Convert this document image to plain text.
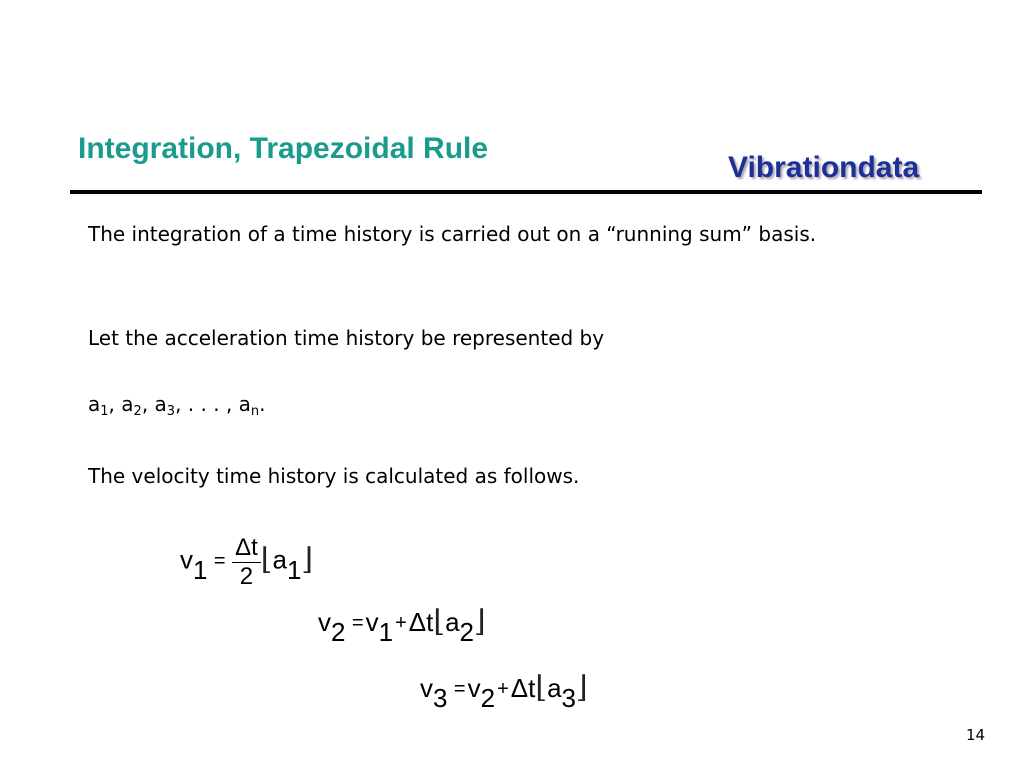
Integration, Trapezoidal Rule
Vibrationdata
The integration of a time history is carried out on a “running sum” basis.
Let the acceleration time history be represented by
$a_1$, $a_2$, $a_3$, . . . , $a_n$.
The velocity time history is calculated as follows.
$v1 = \frac{\Delta t}{2}$ ⌊a1⌋
v2 =v1 +Δt⌊a2⌋
v3 =v2 +Δt⌊a3⌋
14
